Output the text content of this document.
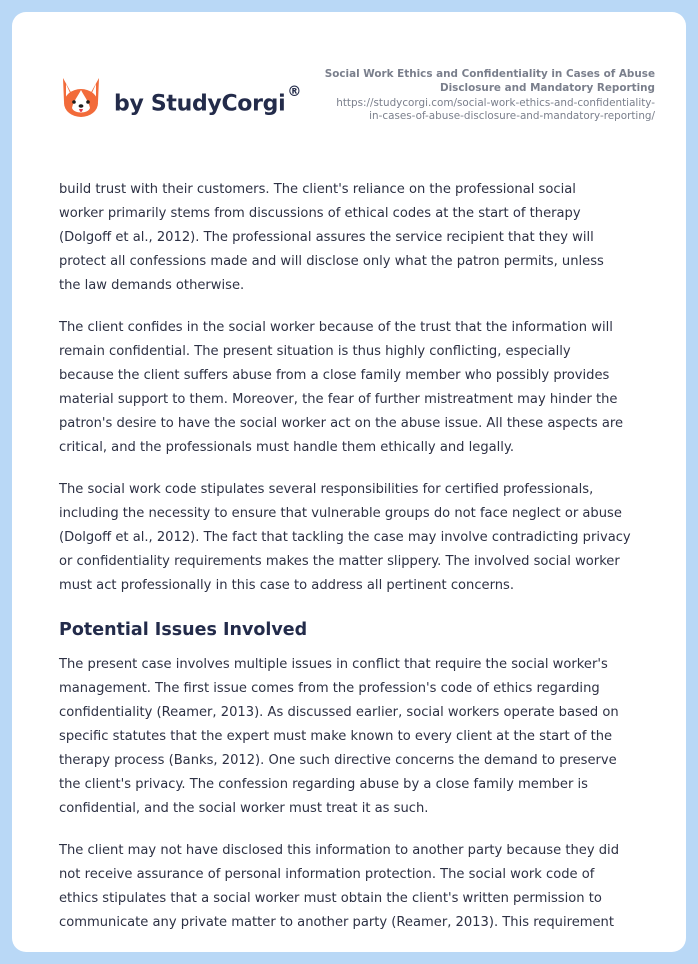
by StudyCorgi ®
Social Work Ethics and Confidentiality in Cases of Abuse
Disclosure and Mandatory Reporting
https://studycorgi.com/social-work-ethics-and-confidentiality-
in-cases-of-abuse-disclosure-and-mandatory-reporting/

build trust with their customers. The client's reliance on the professional social
worker primarily stems from discussions of ethical codes at the start of therapy
(Dolgoff et al., 2012). The professional assures the service recipient that they will
protect all confessions made and will disclose only what the patron permits, unless
the law demands otherwise.

The client confides in the social worker because of the trust that the information will
remain confidential. The present situation is thus highly conflicting, especially
because the client suffers abuse from a close family member who possibly provides
material support to them. Moreover, the fear of further mistreatment may hinder the
patron's desire to have the social worker act on the abuse issue. All these aspects are
critical, and the professionals must handle them ethically and legally.

The social work code stipulates several responsibilities for certified professionals,
including the necessity to ensure that vulnerable groups do not face neglect or abuse
(Dolgoff et al., 2012). The fact that tackling the case may involve contradicting privacy
or confidentiality requirements makes the matter slippery. The involved social worker
must act professionally in this case to address all pertinent concerns.

Potential Issues Involved

The present case involves multiple issues in conflict that require the social worker's
management. The first issue comes from the profession's code of ethics regarding
confidentiality (Reamer, 2013). As discussed earlier, social workers operate based on
specific statutes that the expert must make known to every client at the start of the
therapy process (Banks, 2012). One such directive concerns the demand to preserve
the client's privacy. The confession regarding abuse by a close family member is
confidential, and the social worker must treat it as such.

The client may not have disclosed this information to another party because they did
not receive assurance of personal information protection. The social work code of
ethics stipulates that a social worker must obtain the client's written permission to
communicate any private matter to another party (Reamer, 2013). This requirement
